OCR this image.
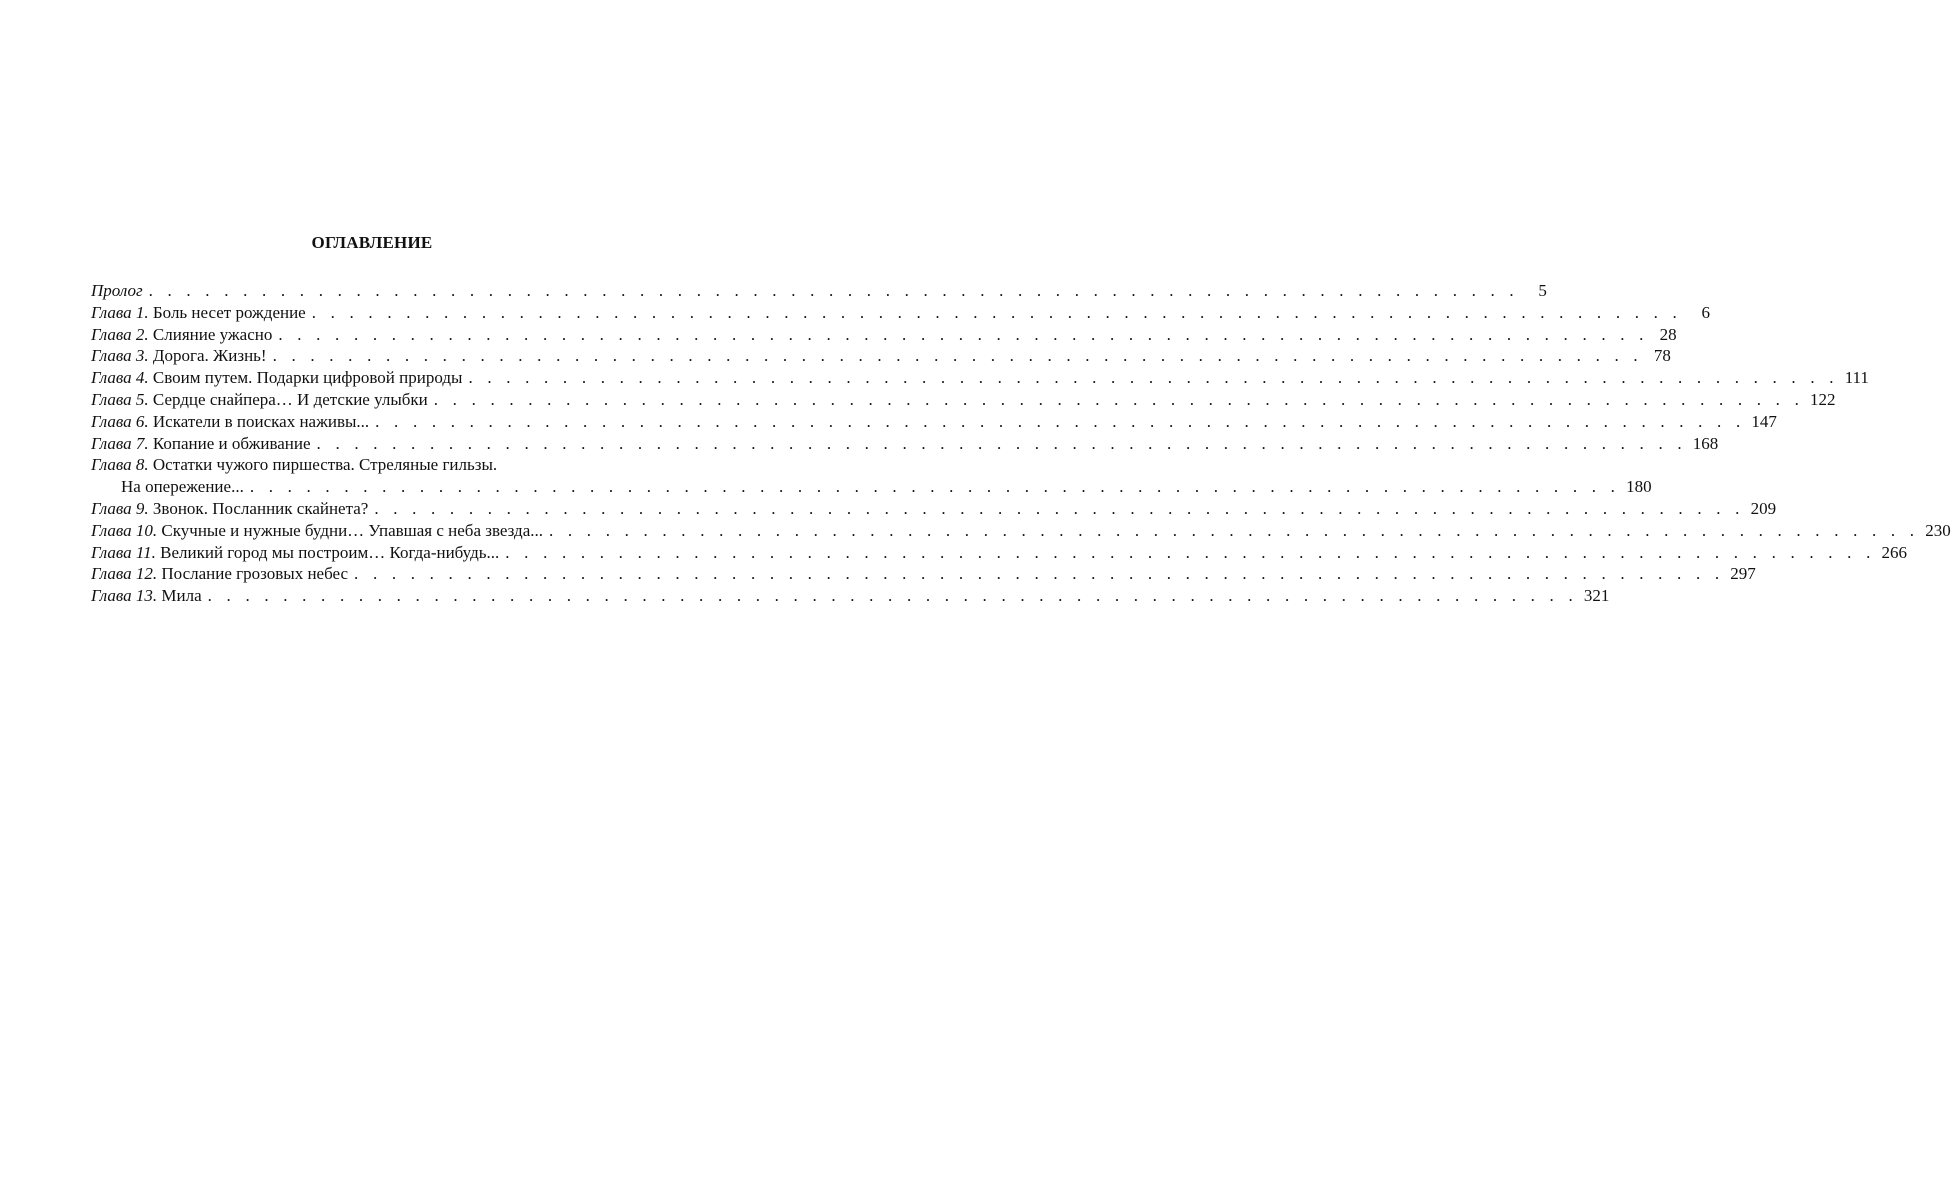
ОГЛАВЛЕНИЕ
Пролог . . . . . . . . . . . . . . . . . . . . . . . . . . . . . . . . . . . . . . . . . . . . . . . . . . . . . . . . . . . . . . . . . . . . . . . . .	5
Глава 1. Боль несет рождение . . . . . . . . . . . . . . . . . . . . . . . . . . . . . . . . . . . . . . . . . . . . . . . . . . . . . . . . . . . . . . . . . . . . . . . . .	6
Глава 2. Слияние ужасно . . . . . . . . . . . . . . . . . . . . . . . . . . . . . . . . . . . . . . . . . . . . . . . . . . . . . . . . . . . . . . . . . . . . . . . . . 28
Глава 3. Дорога. Жизнь! . . . . . . . . . . . . . . . . . . . . . . . . . . . . . . . . . . . . . . . . . . . . . . . . . . . . . . . . . . . . . . . . . . . . . . . . . 78
Глава 4. Своим путем. Подарки цифровой природы . . . . . . . . . . . . . . . . . . . . . . . . . . . . . . . . . . . . . . . . . . . . . . . . . . . . . . . . . . . . . . . . . . . . . . . . . 111
Глава 5. Сердце снайпера… И детские улыбки . . . . . . . . . . . . . . . . . . . . . . . . . . . . . . . . . . . . . . . . . . . . . . . . . . . . . . . . . . . . . . . . . . . . . . . . . 122
Глава 6. Искатели в поисках наживы... . . . . . . . . . . . . . . . . . . . . . . . . . . . . . . . . . . . . . . . . . . . . . . . . . . . . . . . . . . . . . . . . . . . . . . . . . 147
Глава 7. Копание и обживание . . . . . . . . . . . . . . . . . . . . . . . . . . . . . . . . . . . . . . . . . . . . . . . . . . . . . . . . . . . . . . . . . . . . . . . . . 168
Глава 8. Остатки чужого пиршества. Стреляные гильзы.
На опережение... . . . . . . . . . . . . . . . . . . . . . . . . . . . . . . . . . . . . . . . . . . . . . . . . . . . . . . . . . . . . . . . . . . . . . . . . . 180
Глава 9. Звонок. Посланник скайнета? . . . . . . . . . . . . . . . . . . . . . . . . . . . . . . . . . . . . . . . . . . . . . . . . . . . . . . . . . . . . . . . . . . . . . . . . . 209
Глава 10. Скучные и нужные будни… Упавшая с неба звезда... . . . . . . . . . . . . . . . . . . . . . . . . . . . . . . . . . . . . . . . . . . . . . . . . . . . . . . . . . . . . . . . . . . . . . . . . . 230
Глава 11. Великий город мы построим… Когда-нибудь... . . . . . . . . . . . . . . . . . . . . . . . . . . . . . . . . . . . . . . . . . . . . . . . . . . . . . . . . . . . . . . . . . . . . . . . . . 266
Глава 12. Послание грозовых небес . . . . . . . . . . . . . . . . . . . . . . . . . . . . . . . . . . . . . . . . . . . . . . . . . . . . . . . . . . . . . . . . . . . . . . . . . 297
Глава 13. Мила . . . . . . . . . . . . . . . . . . . . . . . . . . . . . . . . . . . . . . . . . . . . . . . . . . . . . . . . . . . . . . . . . . . . . . . . . 321
